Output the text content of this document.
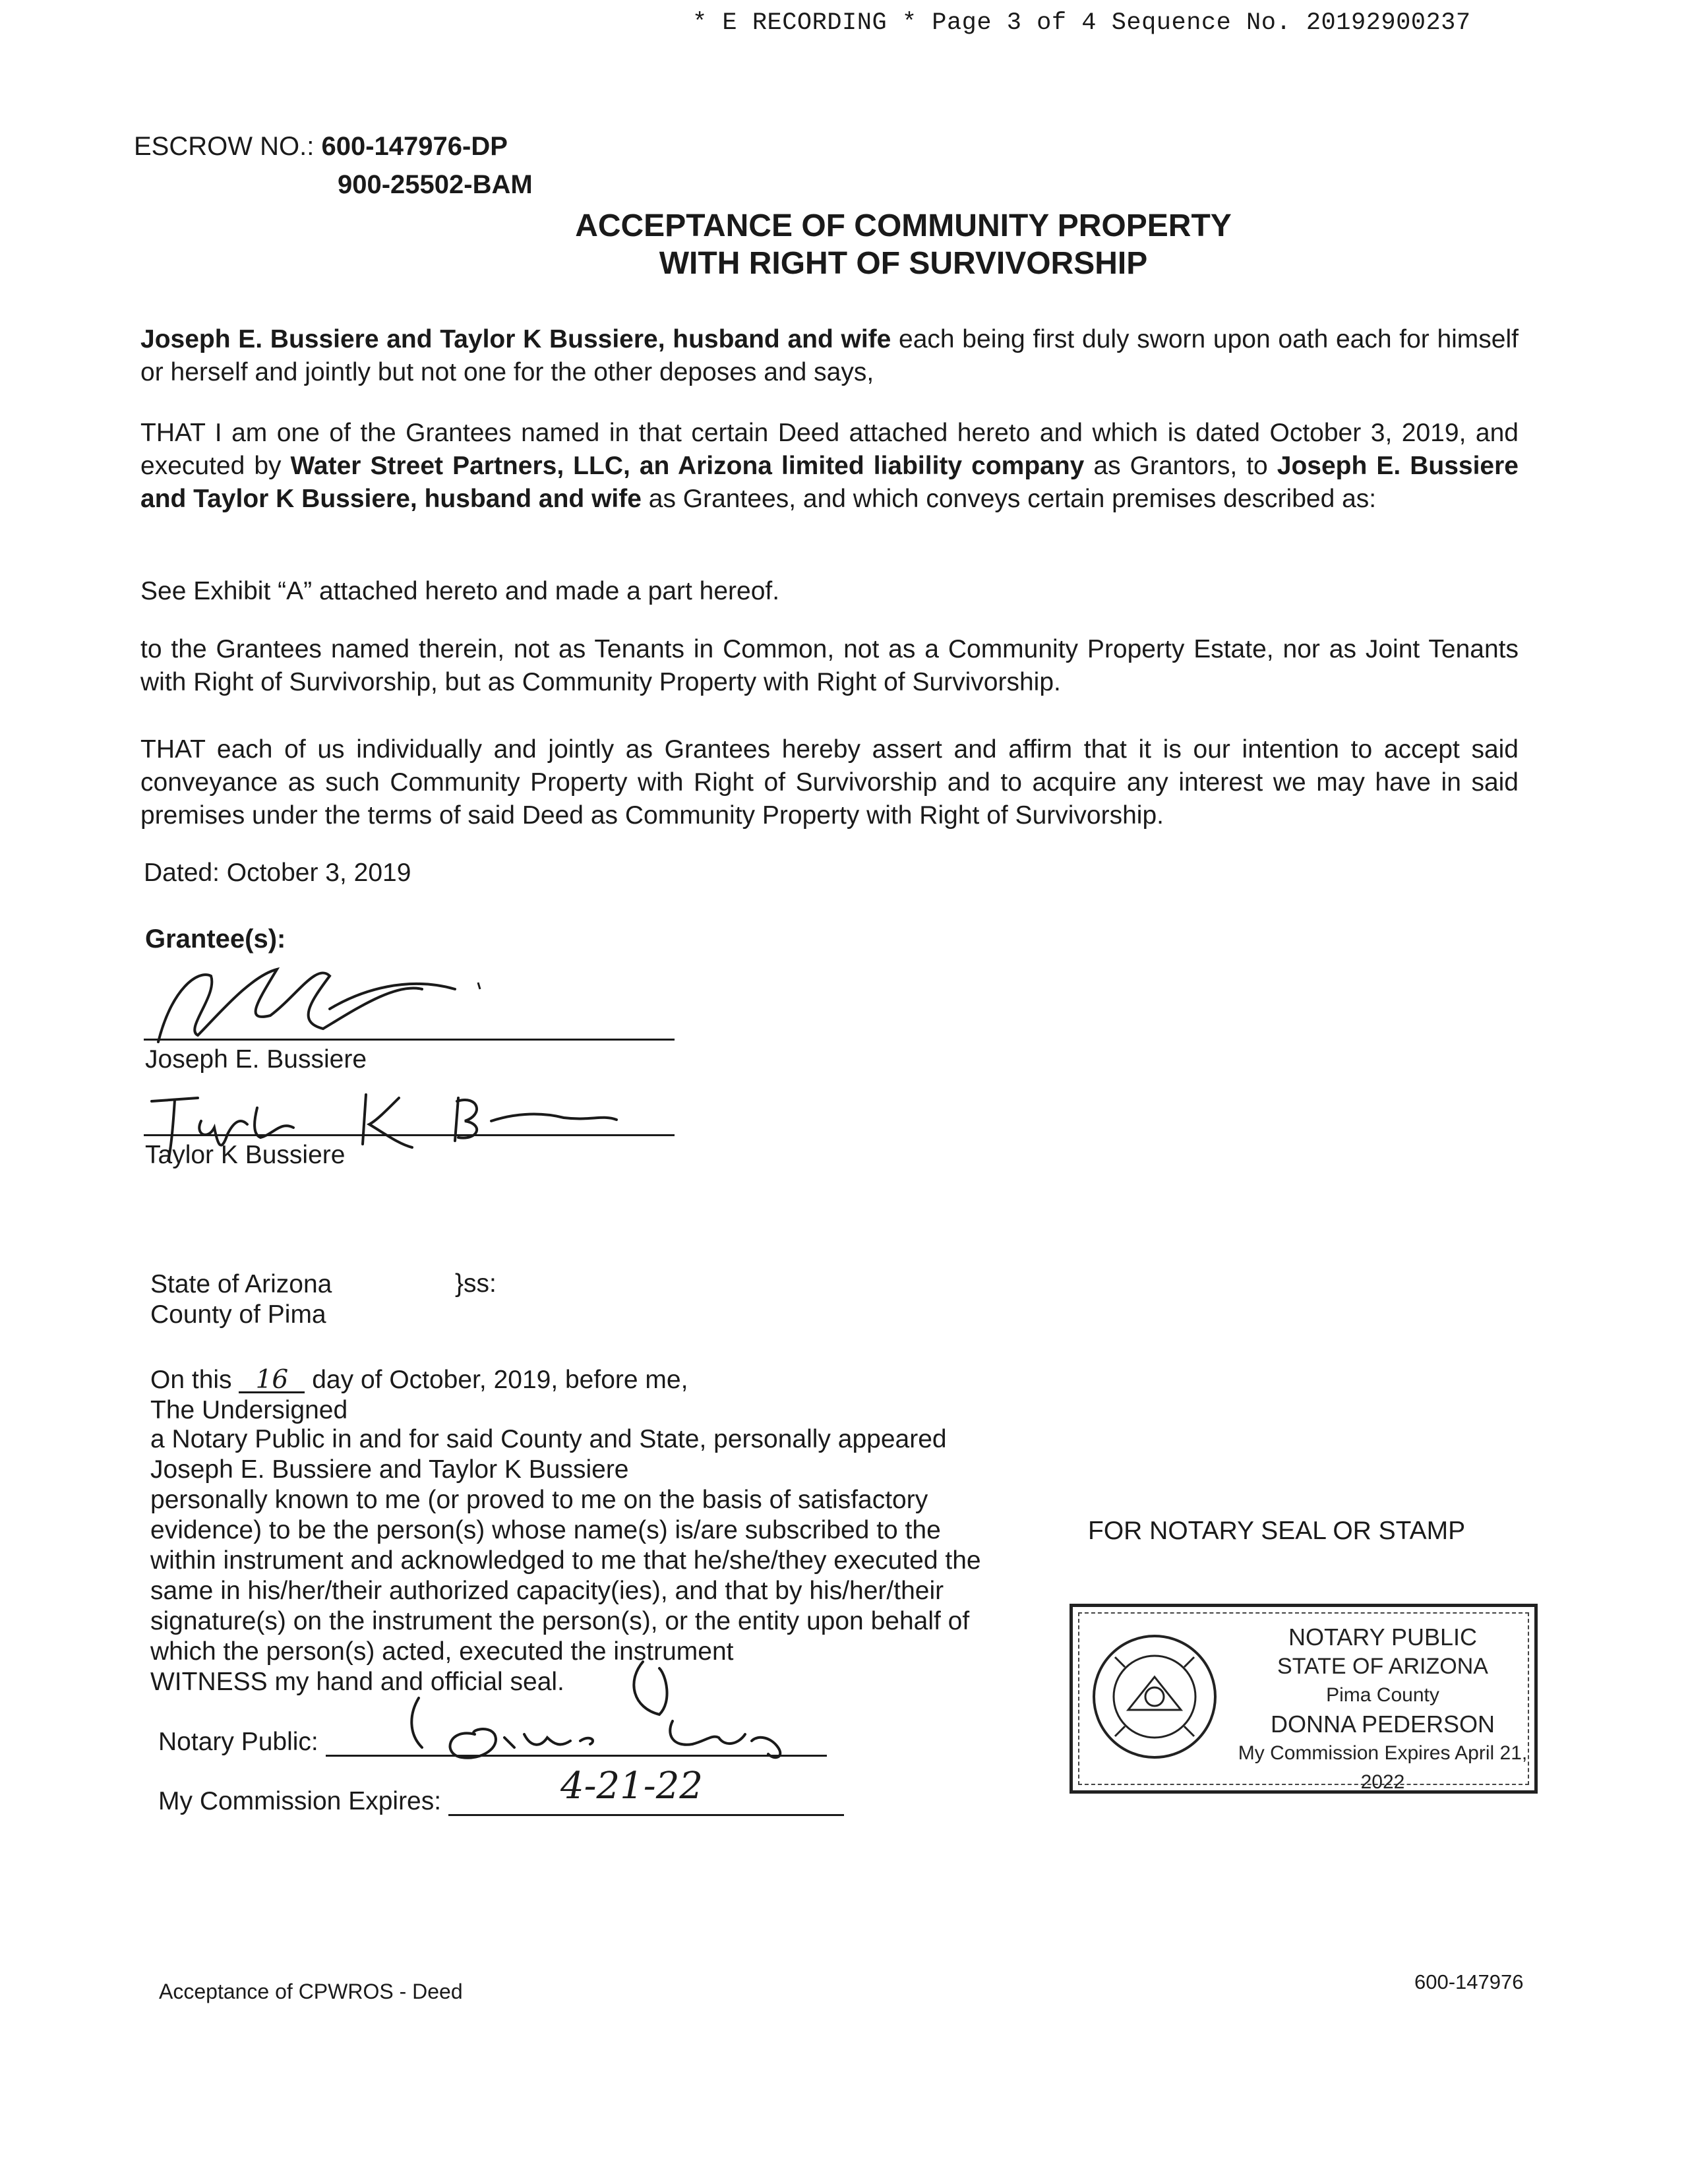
* E RECORDING * Page 3 of 4 Sequence No. 20192900237
ESCROW NO.: 600-147976-DP
900-25502-BAM
ACCEPTANCE OF COMMUNITY PROPERTY
WITH RIGHT OF SURVIVORSHIP
Joseph E. Bussiere and Taylor K Bussiere, husband and wife each being first duly sworn upon oath each for himself or herself and jointly but not one for the other deposes and says,
THAT I am one of the Grantees named in that certain Deed attached hereto and which is dated October 3, 2019, and executed by Water Street Partners, LLC, an Arizona limited liability company as Grantors, to Joseph E. Bussiere and Taylor K Bussiere, husband and wife as Grantees, and which conveys certain premises described as:
See Exhibit “A” attached hereto and made a part hereof.
to the Grantees named therein, not as Tenants in Common, not as a Community Property Estate, nor as Joint Tenants with Right of Survivorship, but as Community Property with Right of Survivorship.
THAT each of us individually and jointly as Grantees hereby assert and affirm that it is our intention to accept said conveyance as such Community Property with Right of Survivorship and to acquire any interest we may have in said premises under the terms of said Deed as Community Property with Right of Survivorship.
Dated: October 3, 2019
Grantee(s):
Joseph E. Bussiere
Taylor K Bussiere
State of Arizona
County of Pima
}ss:
On this 16 day of October, 2019, before me,
The Undersigned
a Notary Public in and for said County and State, personally appeared
Joseph E. Bussiere and Taylor K Bussiere
personally known to me (or proved to me on the basis of satisfactory
evidence) to be the person(s) whose name(s) is/are subscribed to the
within instrument and acknowledged to me that he/she/they executed the
same in his/her/their authorized capacity(ies), and that by his/her/their
signature(s) on the instrument the person(s), or the entity upon behalf of
which the person(s) acted, executed the instrument
WITNESS my hand and official seal.
Notary Public:
My Commission Expires:	4-21-22
FOR NOTARY SEAL OR STAMP
NOTARY PUBLIC
STATE OF ARIZONA
Pima County
DONNA PEDERSON
My Commission Expires April 21, 2022
Acceptance of CPWROS - Deed	600-147976
